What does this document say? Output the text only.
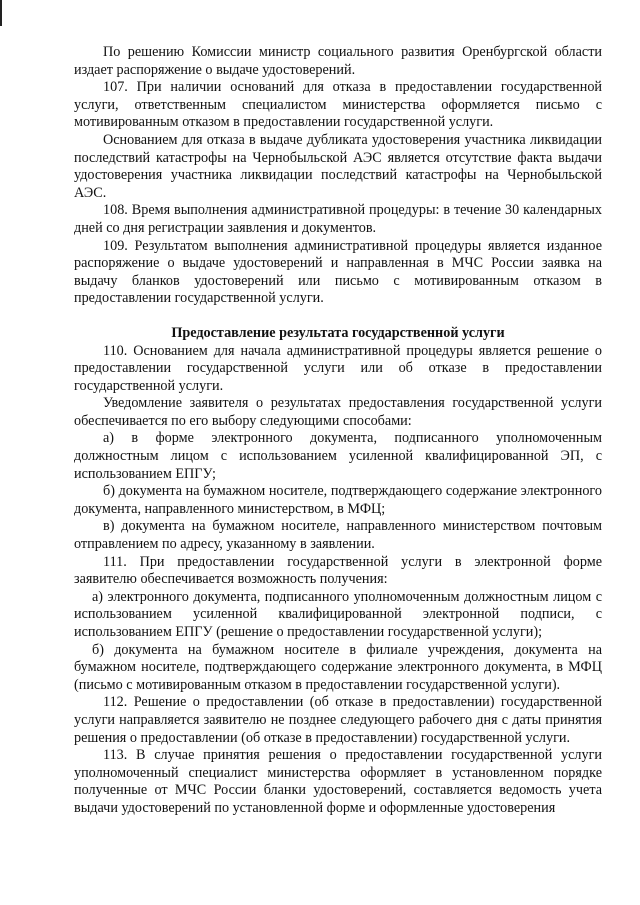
По решению Комиссии министр социального развития Оренбургской области издает распоряжение о выдаче удостоверений.

107. При наличии оснований для отказа в предоставлении государственной услуги, ответственным специалистом министерства оформляется письмо с мотивированным отказом в предоставлении государственной услуги.

Основанием для отказа в выдаче дубликата удостоверения участника ликвидации последствий катастрофы на Чернобыльской АЭС является отсутствие факта выдачи удостоверения участника ликвидации последствий катастрофы на Чернобыльской АЭС.

108. Время выполнения административной процедуры: в течение 30 календарных дней со дня регистрации заявления и документов.

109. Результатом выполнения административной процедуры является изданное распоряжение о выдаче удостоверений и направленная в МЧС России заявка на выдачу бланков удостоверений или письмо с мотивированным отказом в предоставлении государственной услуги.

Предоставление результата государственной услуги

110. Основанием для начала административной процедуры является решение о предоставлении государственной услуги или об отказе в предоставлении государственной услуги.

Уведомление заявителя о результатах предоставления государственной услуги обеспечивается по его выбору следующими способами:

а) в форме электронного документа, подписанного уполномоченным должностным лицом с использованием усиленной квалифицированной ЭП, с использованием ЕПГУ;

б) документа на бумажном носителе, подтверждающего содержание электронного документа, направленного министерством, в МФЦ;

в) документа на бумажном носителе, направленного министерством почтовым отправлением по адресу, указанному в заявлении.

111. При предоставлении государственной услуги в электронной форме заявителю обеспечивается возможность получения:

а) электронного документа, подписанного уполномоченным должностным лицом с использованием усиленной квалифицированной электронной подписи, с использованием ЕПГУ (решение о предоставлении государственной услуги);

б) документа на бумажном носителе в филиале учреждения, документа на бумажном носителе, подтверждающего содержание электронного документа, в МФЦ (письмо с мотивированным отказом в предоставлении государственной услуги).

112. Решение о предоставлении (об отказе в предоставлении) государственной услуги направляется заявителю не позднее следующего рабочего дня с даты принятия решения о предоставлении (об отказе в предоставлении) государственной услуги.

113. В случае принятия решения о предоставлении государственной услуги уполномоченный специалист министерства оформляет в установленном порядке полученные от МЧС России бланки удостоверений, составляется ведомость учета выдачи удостоверений по установленной форме и оформленные удостоверения
